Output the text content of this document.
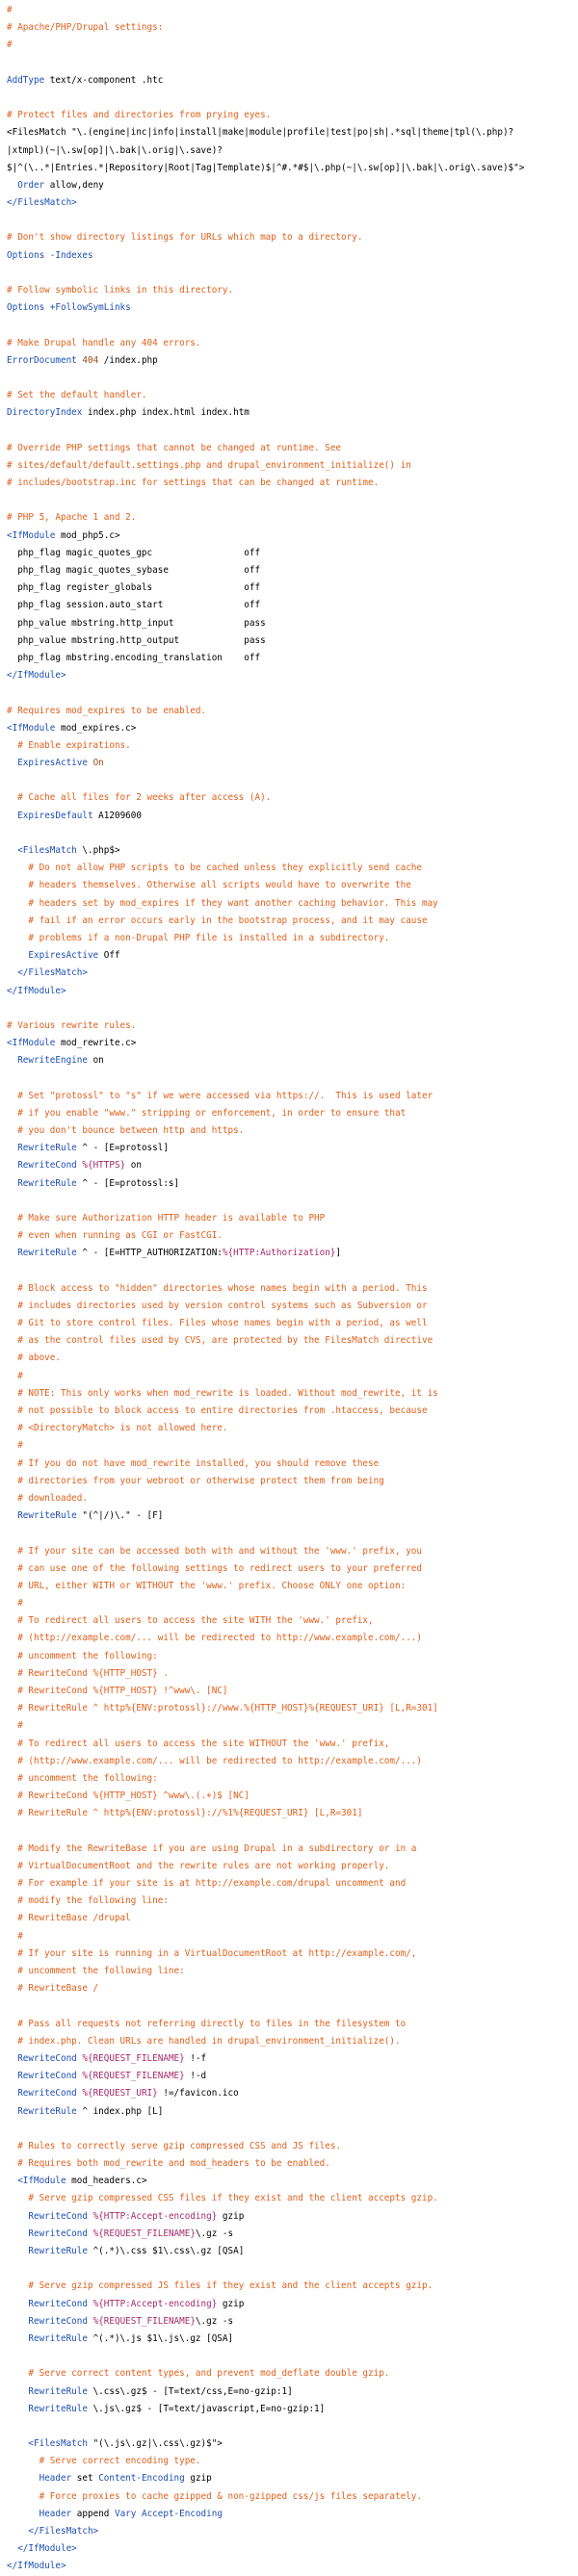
#
# Apache/PHP/Drupal settings:
#
AddType text/x-component .htc
# Protect files and directories from prying eyes.
<FilesMatch "\.(engine|inc|info|install|make|module|profile|test|po|sh|.*sql|theme|tpl(\.php)?
|xtmpl)(~|\.sw[op]|\.bak|\.orig|\.save)?
$|^(\..*|Entries.*|Repository|Root|Tag|Template)$|^#.*#$|\.php(~|\.sw[op]|\.bak|\.orig\.save)$">
Order allow,deny
</FilesMatch>
# Don't show directory listings for URLs which map to a directory.
Options -Indexes
# Follow symbolic links in this directory.
Options +FollowSymLinks
# Make Drupal handle any 404 errors.
ErrorDocument 404 /index.php
# Set the default handler.
DirectoryIndex index.php index.html index.htm
# Override PHP settings that cannot be changed at runtime. See
# sites/default/default.settings.php and drupal_environment_initialize() in
# includes/bootstrap.inc for settings that can be changed at runtime.
# PHP 5, Apache 1 and 2.
<IfModule mod_php5.c>
php_flag magic_quotes_gpc                 off
php_flag magic_quotes_sybase              off
php_flag register_globals                 off
php_flag session.auto_start               off
php_value mbstring.http_input             pass
php_value mbstring.http_output            pass
php_flag mbstring.encoding_translation    off
</IfModule>
# Requires mod_expires to be enabled.
<IfModule mod_expires.c>
# Enable expirations.
ExpiresActive On
# Cache all files for 2 weeks after access (A).
ExpiresDefault A1209600
<FilesMatch \.php$>
# Do not allow PHP scripts to be cached unless they explicitly send cache
# headers themselves. Otherwise all scripts would have to overwrite the
# headers set by mod_expires if they want another caching behavior. This may
# fail if an error occurs early in the bootstrap process, and it may cause
# problems if a non-Drupal PHP file is installed in a subdirectory.
ExpiresActive Off
</FilesMatch>
</IfModule>
# Various rewrite rules.
<IfModule mod_rewrite.c>
RewriteEngine on
# Set "protossl" to "s" if we were accessed via https://.  This is used later
# if you enable "www." stripping or enforcement, in order to ensure that
# you don't bounce between http and https.
RewriteRule ^ - [E=protossl]
RewriteCond %{HTTPS} on
RewriteRule ^ - [E=protossl:s]
# Make sure Authorization HTTP header is available to PHP
# even when running as CGI or FastCGI.
RewriteRule ^ - [E=HTTP_AUTHORIZATION:%{HTTP:Authorization}]
# Block access to "hidden" directories whose names begin with a period. This
# includes directories used by version control systems such as Subversion or
# Git to store control files. Files whose names begin with a period, as well
# as the control files used by CVS, are protected by the FilesMatch directive
# above.
#
# NOTE: This only works when mod_rewrite is loaded. Without mod_rewrite, it is
# not possible to block access to entire directories from .htaccess, because
# <DirectoryMatch> is not allowed here.
#
# If you do not have mod_rewrite installed, you should remove these
# directories from your webroot or otherwise protect them from being
# downloaded.
RewriteRule "(^|/)\." - [F]
# If your site can be accessed both with and without the 'www.' prefix, you
# can use one of the following settings to redirect users to your preferred
# URL, either WITH or WITHOUT the 'www.' prefix. Choose ONLY one option:
#
# To redirect all users to access the site WITH the 'www.' prefix,
# (http://example.com/... will be redirected to http://www.example.com/...)
# uncomment the following:
# RewriteCond %{HTTP_HOST} .
# RewriteCond %{HTTP_HOST} !^www\. [NC]
# RewriteRule ^ http%{ENV:protossl}://www.%{HTTP_HOST}%{REQUEST_URI} [L,R=301]
#
# To redirect all users to access the site WITHOUT the 'www.' prefix,
# (http://www.example.com/... will be redirected to http://example.com/...)
# uncomment the following:
# RewriteCond %{HTTP_HOST} ^www\.(.+)$ [NC]
# RewriteRule ^ http%{ENV:protossl}://%1%{REQUEST_URI} [L,R=301]
# Modify the RewriteBase if you are using Drupal in a subdirectory or in a
# VirtualDocumentRoot and the rewrite rules are not working properly.
# For example if your site is at http://example.com/drupal uncomment and
# modify the following line:
# RewriteBase /drupal
#
# If your site is running in a VirtualDocumentRoot at http://example.com/,
# uncomment the following line:
# RewriteBase /
# Pass all requests not referring directly to files in the filesystem to
# index.php. Clean URLs are handled in drupal_environment_initialize().
RewriteCond %{REQUEST_FILENAME} !-f
RewriteCond %{REQUEST_FILENAME} !-d
RewriteCond %{REQUEST_URI} !=/favicon.ico
RewriteRule ^ index.php [L]
# Rules to correctly serve gzip compressed CSS and JS files.
# Requires both mod_rewrite and mod_headers to be enabled.
<IfModule mod_headers.c>
# Serve gzip compressed CSS files if they exist and the client accepts gzip.
RewriteCond %{HTTP:Accept-encoding} gzip
RewriteCond %{REQUEST_FILENAME}\.gz -s
RewriteRule ^(.*)\.css $1\.css\.gz [QSA]
# Serve gzip compressed JS files if they exist and the client accepts gzip.
RewriteCond %{HTTP:Accept-encoding} gzip
RewriteCond %{REQUEST_FILENAME}\.gz -s
RewriteRule ^(.*)\.js $1\.js\.gz [QSA]
# Serve correct content types, and prevent mod_deflate double gzip.
RewriteRule \.css\.gz$ - [T=text/css,E=no-gzip:1]
RewriteRule \.js\.gz$ - [T=text/javascript,E=no-gzip:1]
<FilesMatch "(\.js\.gz|\.css\.gz)$">
# Serve correct encoding type.
Header set Content-Encoding gzip
# Force proxies to cache gzipped & non-gzipped css/js files separately.
Header append Vary Accept-Encoding
</FilesMatch>
</IfModule>
</IfModule>
